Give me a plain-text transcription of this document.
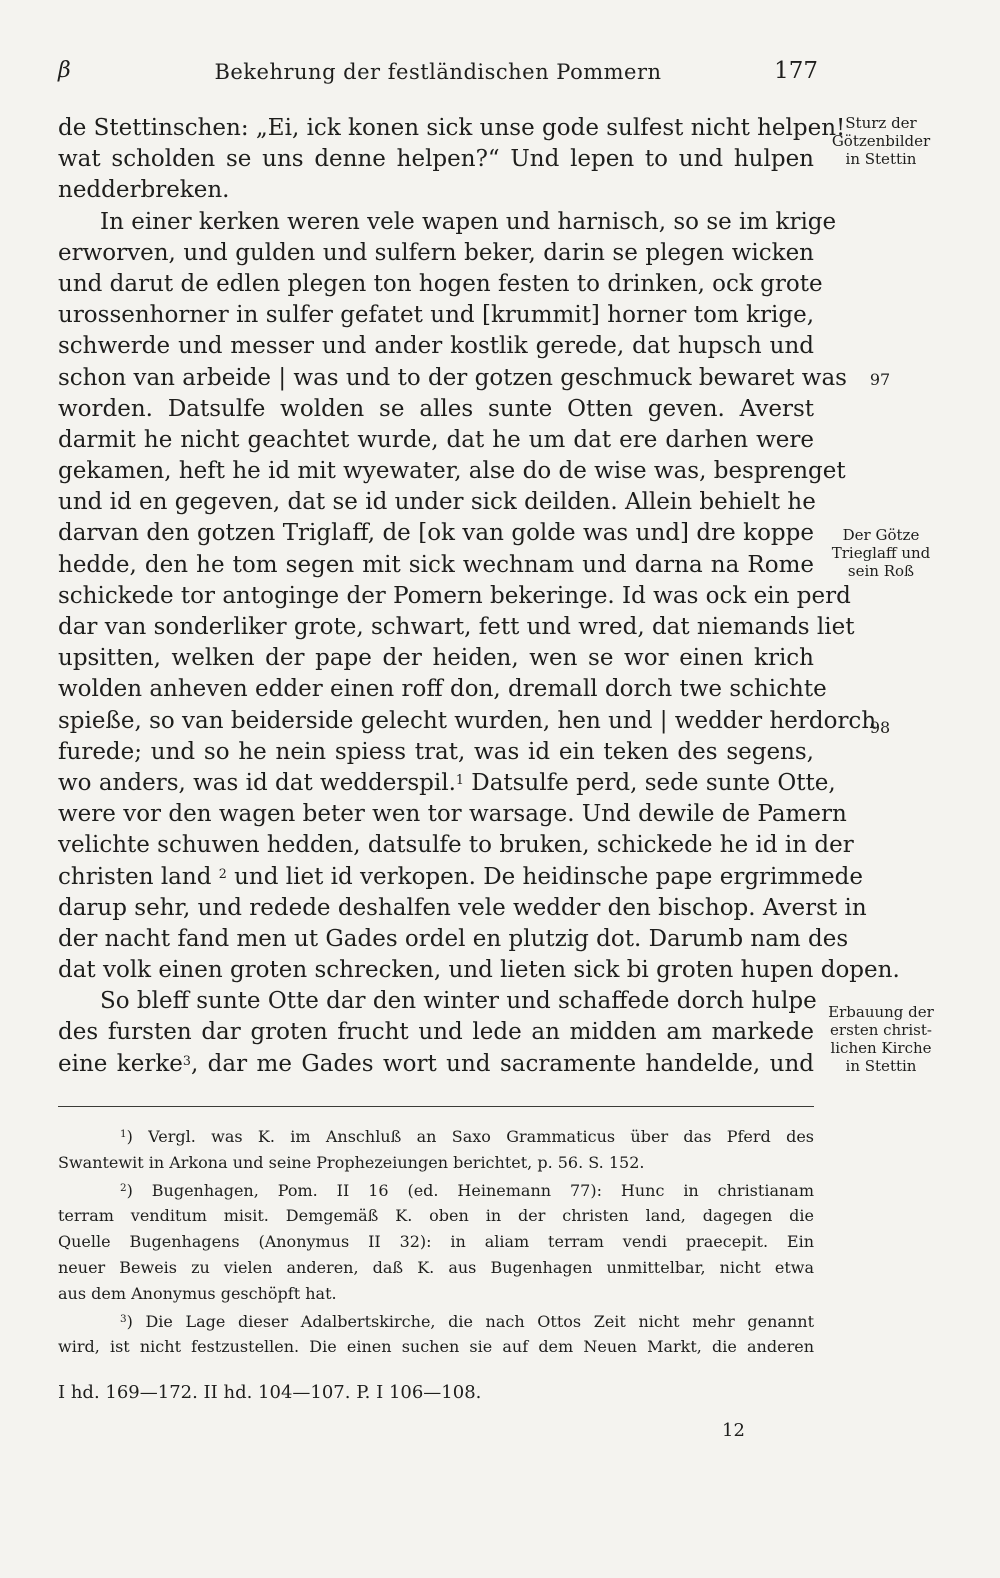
β	Bekehrung der festländischen Pommern	177
de Stettinschen: „Ei, ick konen sick unse gode sulfest nicht helpen!
wat scholden se uns denne helpen?“ Und lepen to und hulpen
nedderbreken.
In einer kerken weren vele wapen und harnisch, so se im krige
erworven, und gulden und sulfern beker, darin se plegen wicken
und darut de edlen plegen ton hogen festen to drinken, ock grote
urossenhorner in sulfer gefatet und [krummit] horner tom krige,
schwerde und messer und ander kostlik gerede, dat hupsch und
schon van arbeide | was und to der gotzen geschmuck bewaret was
worden. Datsulfe wolden se alles sunte Otten geven. Averst
darmit he nicht geachtet wurde, dat he um dat ere darhen were
gekamen, heft he id mit wyewater, alse do de wise was, besprenget
und id en gegeven, dat se id under sick deilden. Allein behielt he
darvan den gotzen Triglaff, de [ok van golde was und] dre koppe
hedde, den he tom segen mit sick wechnam und darna na Rome
schickede tor antoginge der Pomern bekeringe. Id was ock ein perd
dar van sonderliker grote, schwart, fett und wred, dat niemands liet
upsitten, welken der pape der heiden, wen se wor einen krich
wolden anheven edder einen roff don, dremall dorch twe schichte
spieße, so van beidersidе gelecht wurden, hen und | wedder herdorch
furede; und so he nein spiess trat, was id ein teken des segens,
wo anders, was id dat wedderspil.$^1$ Datsulfe perd, sede sunte Otte,
were vor den wagen beter wen tor warsage. Und dewile de Pamern
velichte schuwen hedden, datsulfe to bruken, schickede he id in der
christen land $^2$ und liet id verkopen. De heidinsche pape ergrimmede
darup sehr, und redede deshalfen vele wedder den bischop. Averst in
der nacht fand men ut Gades ordel en plutzig dot. Darumb nam des
dat volk einen groten schrecken, und lieten sick bi groten hupen dopen.
So bleff sunte Otte dar den winter und schaffede dorch hulpe
des fursten dar groten frucht und lede an midden am markede
eine kerke$^3$, dar me Gades wort und sacramente handelde, und
Sturz der
Götzenbilder
in Stettin
97
Der Götze
Trieglaff und
sein Roß
98
Erbauung der
ersten christ-
lichen Kirche
in Stettin
$^1$) Vergl. was K. im Anschluß an Saxo Grammaticus über das Pferd des
Swantewit in Arkona und seine Prophezeiungen berichtet, p. 56. S. 152.
$^2$) Bugenhagen, Pom. II 16 (ed. Heinemann 77): Hunc in christianam
terram venditum misit. Demgemäß K. oben in der christen land, dagegen die
Quelle Bugenhagens (Anonymus II 32): in aliam terram vendi praecepit. Ein
neuer Beweis zu vielen anderen, daß K. aus Bugenhagen unmittelbar, nicht etwa
aus dem Anonymus geschöpft hat.
$^3$) Die Lage dieser Adalbertskirche, die nach Ottos Zeit nicht mehr genannt
wird, ist nicht festzustellen. Die einen suchen sie auf dem Neuen Markt, die anderen
I hd. 169—172. II hd. 104—107. P. I 106—108.
12
